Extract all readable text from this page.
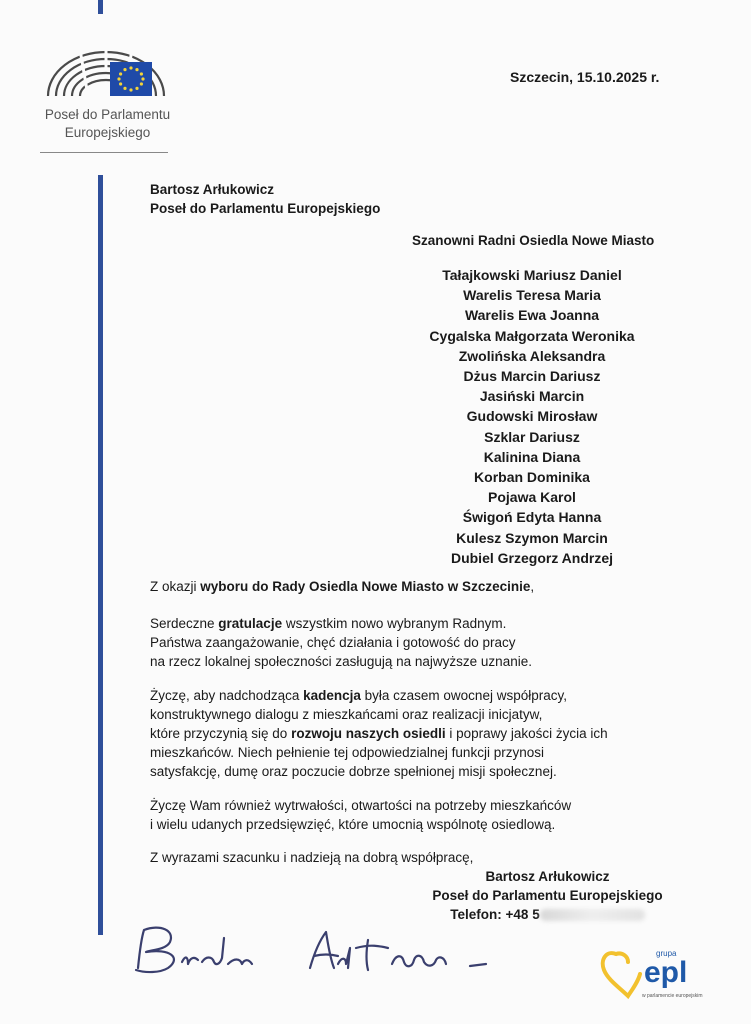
Poseł do Parlamentu
Europejskiego
Szczecin, 15.10.2025 r.
Bartosz Arłukowicz
Poseł do Parlamentu Europejskiego
Szanowni Radni Osiedla Nowe Miasto
Tałajkowski Mariusz Daniel
Warelis Teresa Maria
Warelis Ewa Joanna
Cygalska Małgorzata Weronika
Zwolińska Aleksandra
Dżus Marcin Dariusz
Jasiński Marcin
Gudowski Mirosław
Szklar Dariusz
Kalinina Diana
Korban Dominika
Pojawa Karol
Świgoń Edyta Hanna
Kulesz Szymon Marcin
Dubiel Grzegorz Andrzej
Z okazji wyboru do Rady Osiedla Nowe Miasto w Szczecinie,
Serdeczne gratulacje wszystkim nowo wybranym Radnym.
Państwa zaangażowanie, chęć działania i gotowość do pracy
na rzecz lokalnej społeczności zasługują na najwyższe uznanie.
Życzę, aby nadchodząca kadencja była czasem owocnej współpracy,
konstruktywnego dialogu z mieszkańcami oraz realizacji inicjatyw,
które przyczynią się do rozwoju naszych osiedli i poprawy jakości życia ich
mieszkańców. Niech pełnienie tej odpowiedzialnej funkcji przynosi
satysfakcję, dumę oraz poczucie dobrze spełnionej misji społecznej.
Życzę Wam również wytrwałości, otwartości na potrzeby mieszkańców
i wielu udanych przedsięwzięć, które umocnią wspólnotę osiedlową.
Z wyrazami szacunku i nadzieją na dobrą współpracę,
Bartosz Arłukowicz
Poseł do Parlamentu Europejskiego
Telefon: +48 5
grupa
epl
w parlamencie europejskim
